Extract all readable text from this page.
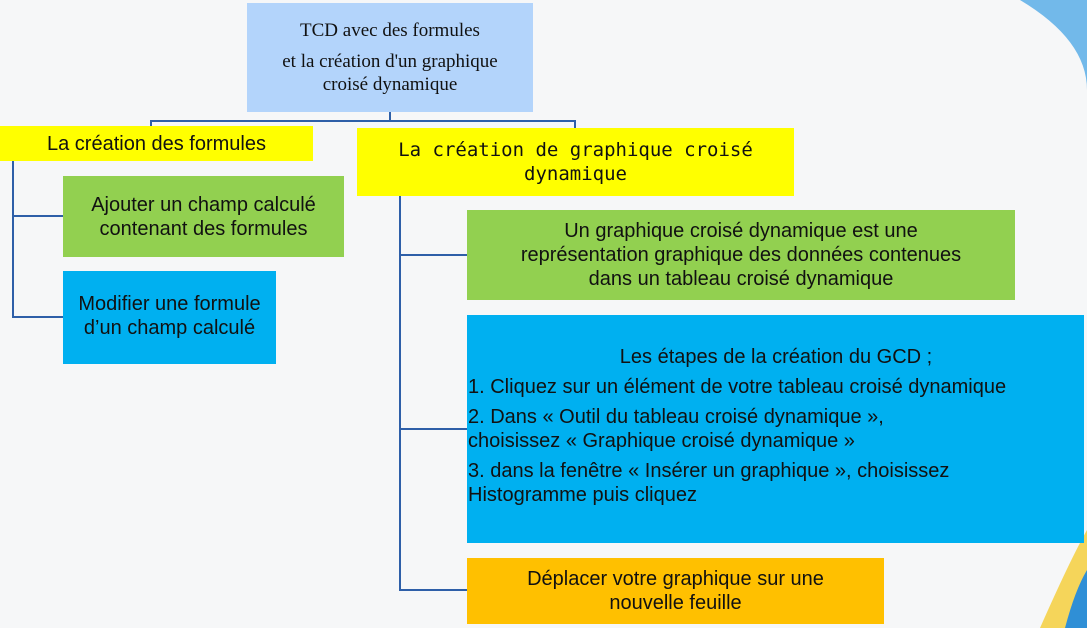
TCD avec des formules

et la création d'un graphique

croisé dynamique

La création des formules

Ajouter un champ calculé

contenant des formules

Modifier une formule

d’un champ calculé

La création de graphique croisé

dynamique

Un graphique croisé dynamique est une

représentation graphique des données contenues

dans un tableau croisé dynamique

Les étapes de la création du GCD ;

1. Cliquez sur un élément de votre tableau croisé dynamique

2. Dans « Outil du tableau croisé dynamique »,

choisissez « Graphique croisé dynamique »

3. dans la fenêtre « Insérer un graphique », choisissez

Histogramme puis cliquez

Déplacer votre graphique sur une

nouvelle feuille
